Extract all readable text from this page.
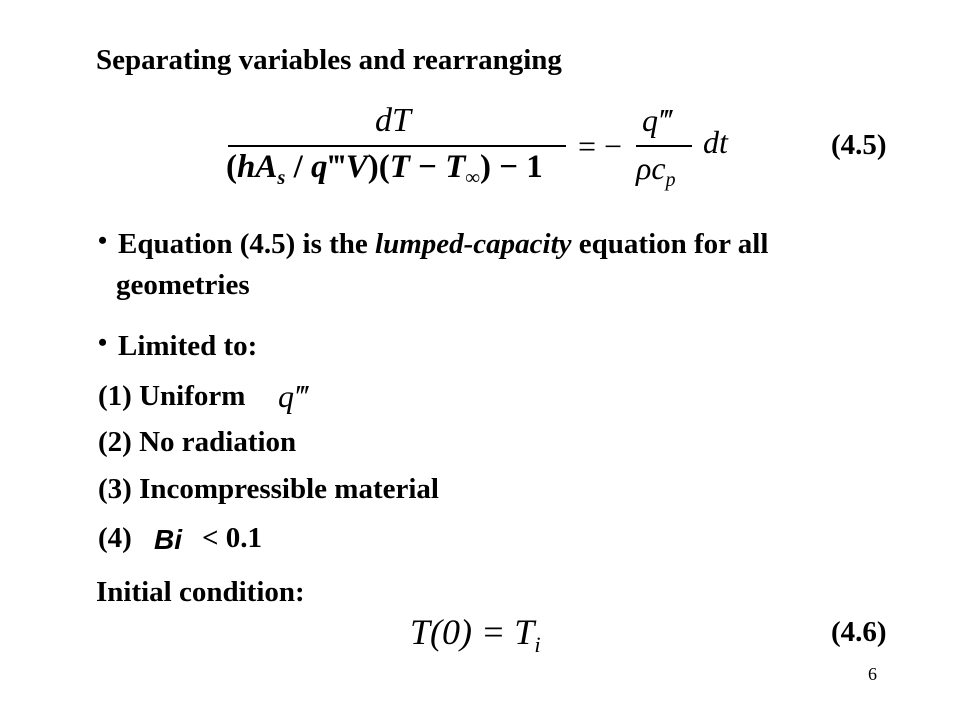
Separating variables and rearranging
dT
($hA_s$ / q‴V)(T − $T_\infty) - 1$
= −
q‴
$\rho c_p$
dt	(4.5)
• Equation (4.5) is the lumped-capacity equation for all
geometries
• Limited to:
(1) Uniform q‴
(2) No radiation
(3) Incompressible material
(4) Bi < 0.1
Initial condition:
$T(0) = T_i$	(4.6)
6
